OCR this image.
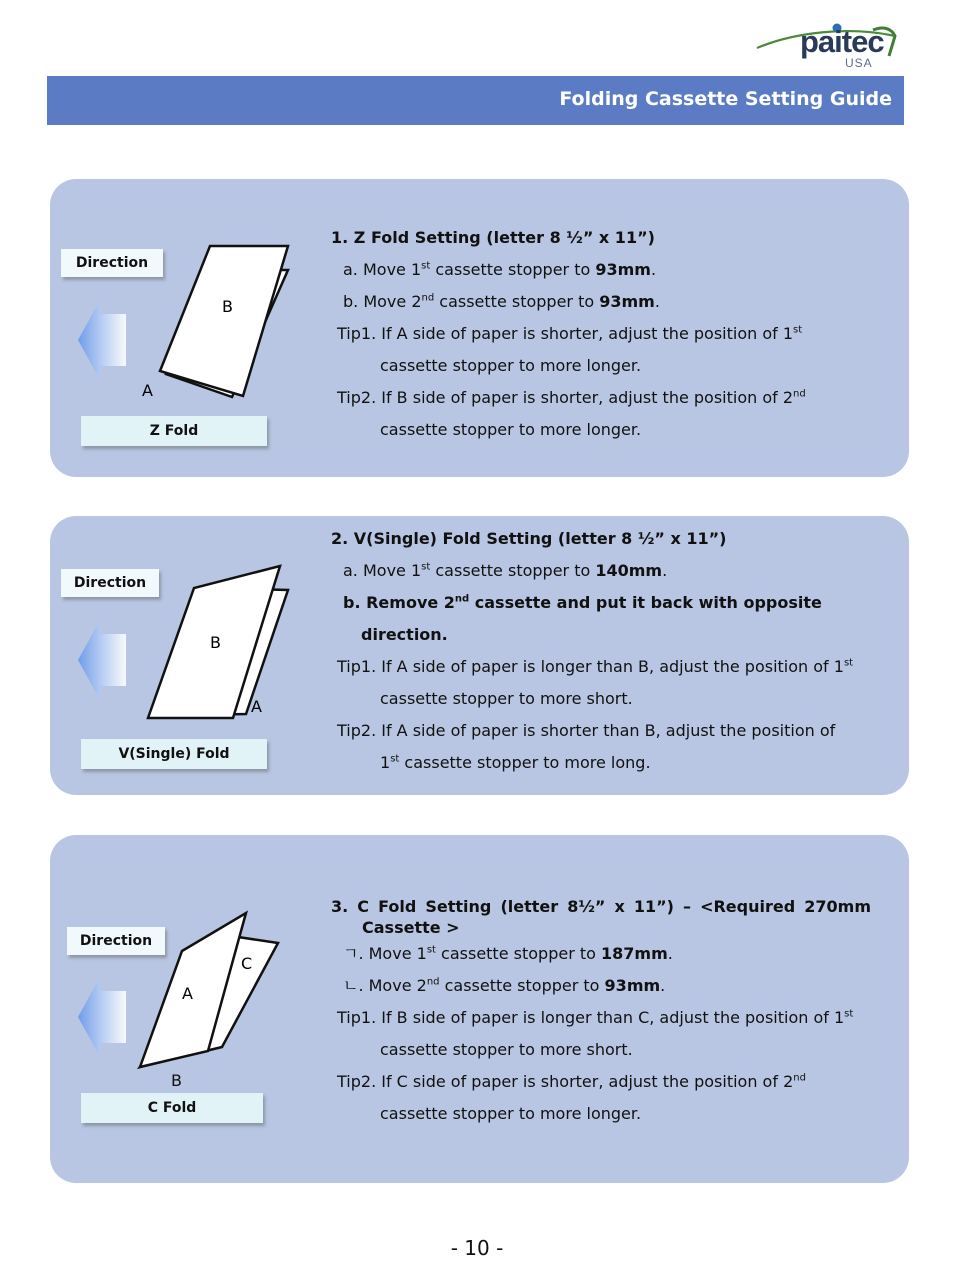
paitec
USA
Folding Cassette Setting Guide
Direction
B
A
Z Fold
1. Z Fold Setting (letter 8 ½” x 11”)
a. Move 1st cassette stopper to 93mm.
b. Move 2nd cassette stopper to 93mm.
Tip1. If A side of paper is shorter, adjust the position of 1st
cassette stopper to more longer.
Tip2. If B side of paper is shorter, adjust the position of 2nd
cassette stopper to more longer.
Direction
B
A
V(Single) Fold
2. V(Single) Fold Setting (letter 8 ½” x 11”)
a. Move 1st cassette stopper to 140mm.
b. Remove 2nd cassette and put it back with opposite
direction.
Tip1. If A side of paper is longer than B, adjust the position of 1st
cassette stopper to more short.
Tip2. If A side of paper is shorter than B, adjust the position of
1st cassette stopper to more long.
Direction
C
A
B
C Fold
3. C Fold Setting (letter 8½” x 11”) – <Required 270mm
Cassette >
ㄱ. Move 1st cassette stopper to 187mm.
ㄴ. Move 2nd cassette stopper to 93mm.
Tip1. If B side of paper is longer than C, adjust the position of 1st
cassette stopper to more short.
Tip2. If C side of paper is shorter, adjust the position of 2nd
cassette stopper to more longer.
- 10 -
